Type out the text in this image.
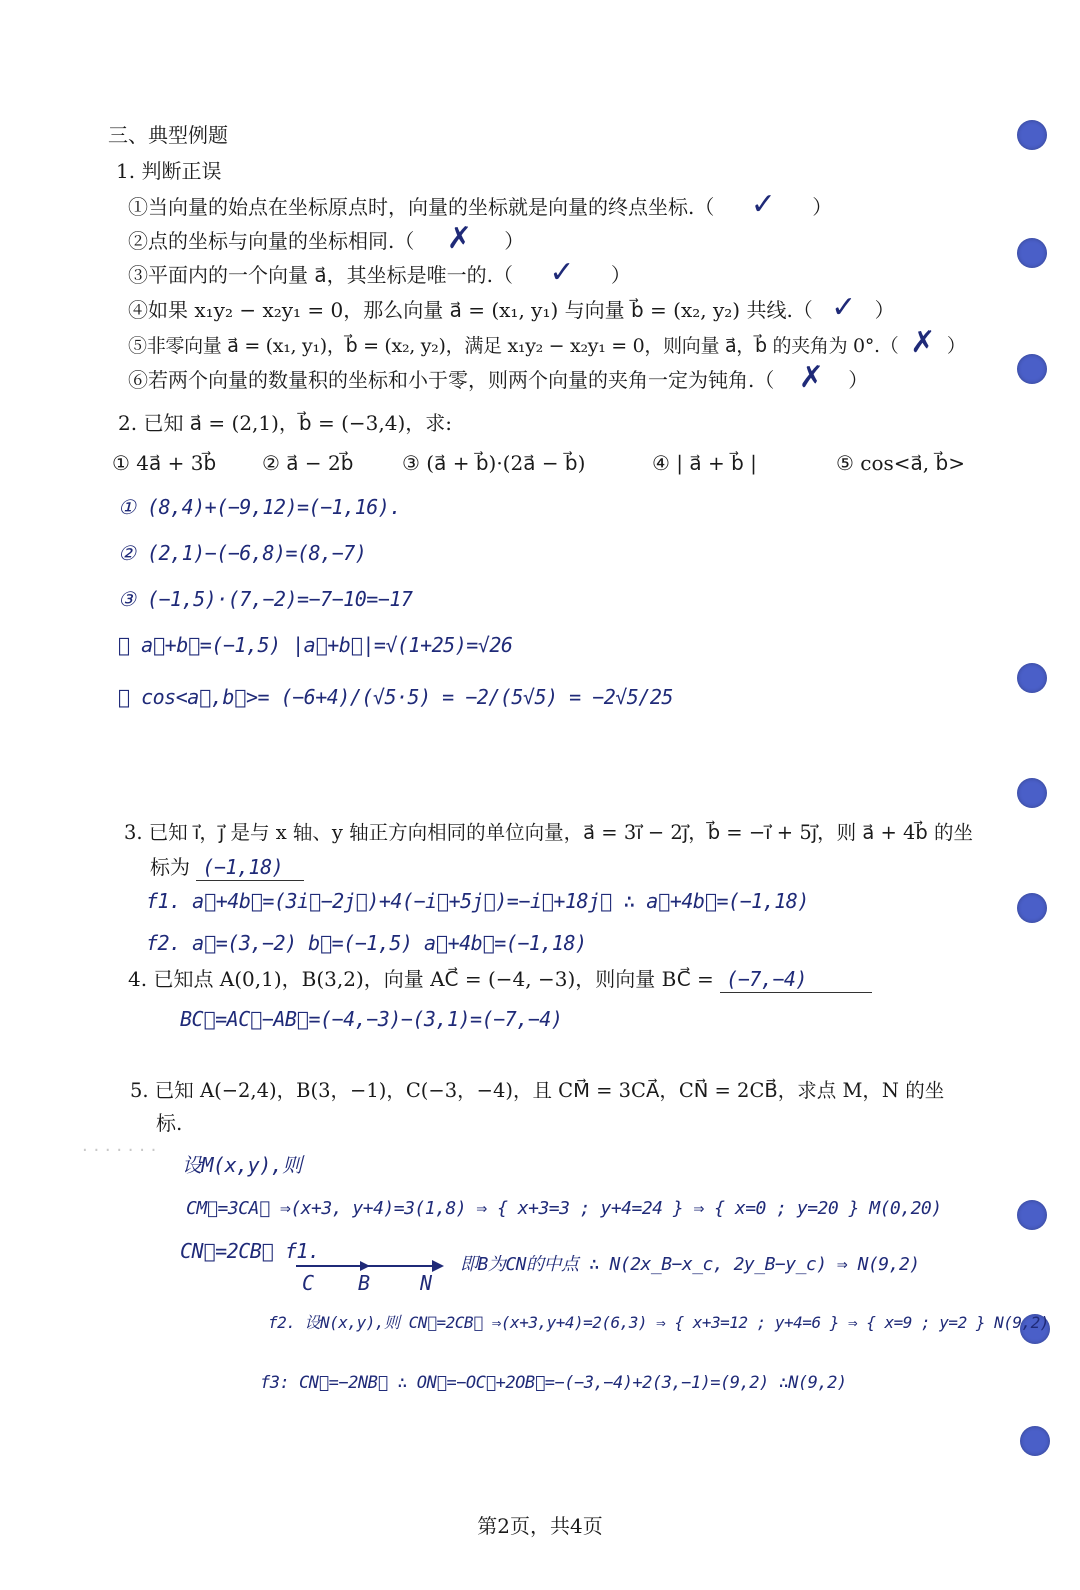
三、典型例题
1. 判断正误
①当向量的始点在坐标原点时，向量的坐标就是向量的终点坐标.（ ✓ ）
②点的坐标与向量的坐标相同.（ ✗ ）
③平面内的一个向量 a⃗，其坐标是唯一的.（ ✓ ）
④如果 x₁y₂ − x₂y₁ = 0，那么向量 a⃗ = (x₁, y₁) 与向量 b⃗ = (x₂, y₂) 共线.（ ✓ ）
⑤非零向量 a⃗ = (x₁, y₁)，b⃗ = (x₂, y₂)，满足 x₁y₂ − x₂y₁ = 0，则向量 a⃗，b⃗ 的夹角为 0°.（ ✗ ）
⑥若两个向量的数量积的坐标和小于零，则两个向量的夹角一定为钝角.（ ✗ ）
2. 已知 a⃗ = (2,1)，b⃗ = (−3,4)，求:
① 4a⃗ + 3b⃗ ② a⃗ − 2b⃗ ③ (a⃗ + b⃗)·(2a⃗ − b⃗)	④ | a⃗ + b⃗ |	⑤ cos<a⃗, b⃗>
① (8,4)+(−9,12)=(−1,16).
② (2,1)−(−6,8)=(8,−7)
③ (−1,5)·(7,−2)=−7−10=−17
④ a⃗+b⃗=(−1,5) |a⃗+b⃗|=√(1+25)=√26
⑤ cos<a⃗,b⃗>= (−6+4)/(√5·5) = −2/(5√5) = −2√5/25
3. 已知 i⃗，j⃗ 是与 x 轴、y 轴正方向相同的单位向量，a⃗ = 3i⃗ − 2j⃗，b⃗ = −i⃗ + 5j⃗，则 a⃗ + 4b⃗ 的坐
标为 (−1,18)
f1. a⃗+4b⃗=(3i⃗−2j⃗)+4(−i⃗+5j⃗)=−i⃗+18j⃗ ∴ a⃗+4b⃗=(−1,18)
f2. a⃗=(3,−2) b⃗=(−1,5) a⃗+4b⃗=(−1,18)
4. 已知点 A(0,1)，B(3,2)，向量 AC⃗ = (−4, −3)，则向量 BC⃗ = (−7,−4)
BC⃗=AC⃗−AB⃗=(−4,−3)−(3,1)=(−7,−4)
5. 已知 A(−2,4)，B(3，−1)，C(−3，−4)，且 CM⃗ = 3CA⃗，CN⃗ = 2CB⃗，求点 M，N 的坐
标.
· · · · · · ·
设M(x,y),则
CM⃗=3CA⃗ ⇒(x+3, y+4)=3(1,8) ⇒ { x+3=3 ; y+4=24 } ⇒ { x=0 ; y=20 } M(0,20)
CN⃗=2CB⃗ f1.
C B	N
即B为CN的中点 ∴ N(2x_B−x_c, 2y_B−y_c) ⇒ N(9,2)
f2. 设N(x,y),则 CN⃗=2CB⃗ ⇒(x+3,y+4)=2(6,3) ⇒ { x+3=12 ; y+4=6 } ⇒ { x=9 ; y=2 } N(9,2)
f3: CN⃗=−2NB⃗ ∴ ON⃗=−OC⃗+2OB⃗=−(−3,−4)+2(3,−1)=(9,2) ∴N(9,2)
第2页，共4页
